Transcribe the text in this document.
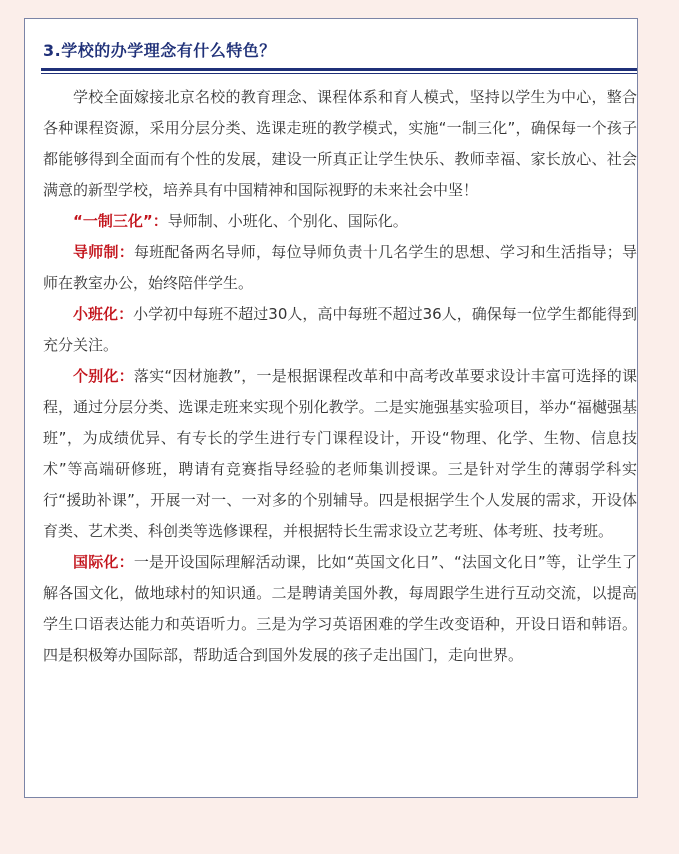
3.学校的办学理念有什么特色？

学校全面嫁接北京名校的教育理念、课程体系和育人模式，坚持以学生为中心，整合各种课程资源，采用分层分类、选课走班的教学模式，实施“一制三化”，确保每一个孩子都能够得到全面而有个性的发展，建设一所真正让学生快乐、教师幸福、家长放心、社会满意的新型学校，培养具有中国精神和国际视野的未来社会中坚！

“一制三化”：导师制、小班化、个别化、国际化。

导师制：每班配备两名导师，每位导师负责十几名学生的思想、学习和生活指导；导师在教室办公，始终陪伴学生。

小班化：小学初中每班不超过30人，高中每班不超过36人，确保每一位学生都能得到充分关注。

个别化：落实“因材施教”，一是根据课程改革和中高考改革要求设计丰富可选择的课程，通过分层分类、选课走班来实现个别化教学。二是实施强基实验项目，举办“福樾强基班”，为成绩优异、有专长的学生进行专门课程设计，开设“物理、化学、生物、信息技术”等高端研修班，聘请有竞赛指导经验的老师集训授课。三是针对学生的薄弱学科实行“援助补课”，开展一对一、一对多的个别辅导。四是根据学生个人发展的需求，开设体育类、艺术类、科创类等选修课程，并根据特长生需求设立艺考班、体考班、技考班。

国际化：一是开设国际理解活动课，比如“英国文化日”、“法国文化日”等，让学生了解各国文化，做地球村的知识通。二是聘请美国外教，每周跟学生进行互动交流，以提高学生口语表达能力和英语听力。三是为学习英语困难的学生改变语种，开设日语和韩语。四是积极筹办国际部，帮助适合到国外发展的孩子走出国门，走向世界。
